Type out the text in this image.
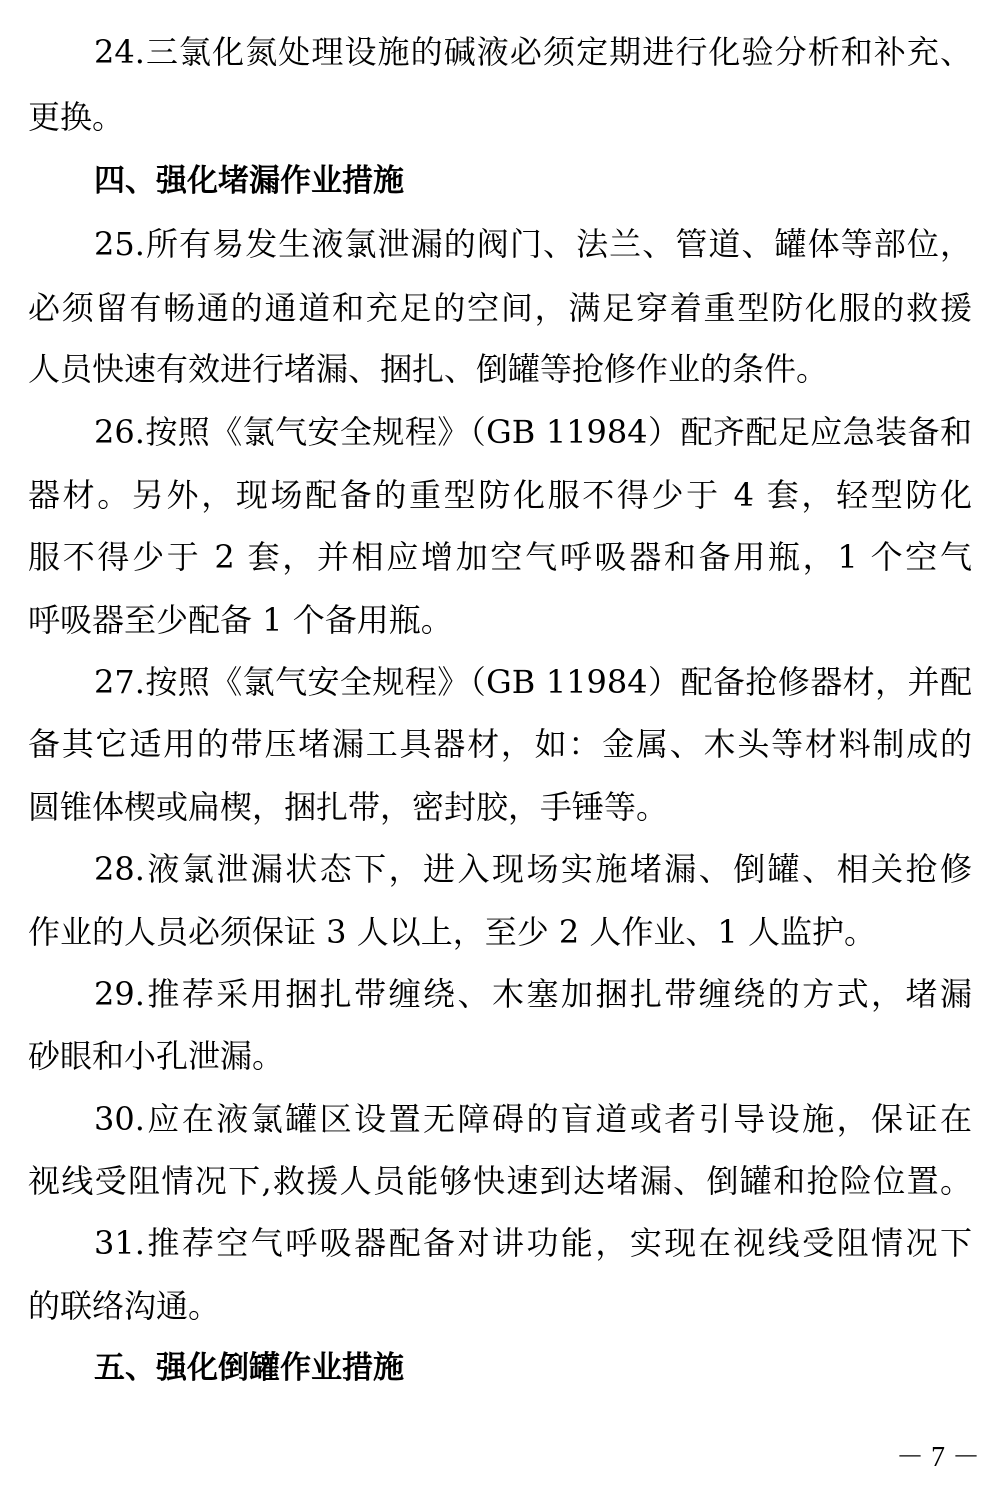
24.三氯化氮处理设施的碱液必须定期进行化验分析和补充、
更换。
四、强化堵漏作业措施
25.所有易发生液氯泄漏的阀门、法兰、管道、罐体等部位，
必须留有畅通的通道和充足的空间，满足穿着重型防化服的救援
人员快速有效进行堵漏、捆扎、倒罐等抢修作业的条件。
26.按照《氯气安全规程》（GB 11984）配齐配足应急装备和
器材。另外，现场配备的重型防化服不得少于 4 套，轻型防化
服不得少于 2 套，并相应增加空气呼吸器和备用瓶，1 个空气
呼吸器至少配备 1 个备用瓶。
27.按照《氯气安全规程》（GB 11984）配备抢修器材，并配
备其它适用的带压堵漏工具器材，如：金属、木头等材料制成的
圆锥体楔或扁楔，捆扎带，密封胶，手锤等。
28.液氯泄漏状态下，进入现场实施堵漏、倒罐、相关抢修
作业的人员必须保证 3 人以上，至少 2 人作业、1 人监护。
29.推荐采用捆扎带缠绕、木塞加捆扎带缠绕的方式，堵漏
砂眼和小孔泄漏。
30.应在液氯罐区设置无障碍的盲道或者引导设施，保证在
视线受阻情况下,救援人员能够快速到达堵漏、倒罐和抢险位置。
31.推荐空气呼吸器配备对讲功能，实现在视线受阻情况下
的联络沟通。
五、强化倒罐作业措施
－ 7 －
